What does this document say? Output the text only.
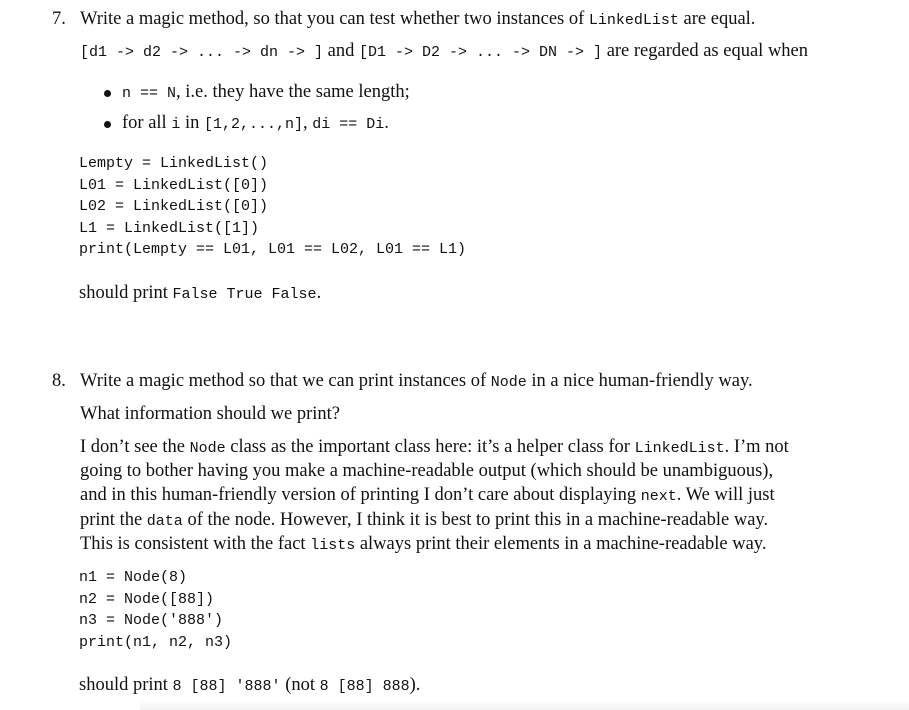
7. Write a magic method, so that you can test whether two instances of LinkedList are equal.
[d1 -> d2 -> ... -> dn -> ] and [D1 -> D2 -> ... -> DN -> ] are regarded as equal when
n == N, i.e. they have the same length;
for all i in [1,2,...,n], di == Di.
Lempty = LinkedList()
L01 = LinkedList([0])
L02 = LinkedList([0])
L1 = LinkedList([1])
print(Lempty == L01, L01 == L02, L01 == L1)
should print False True False.
8. Write a magic method so that we can print instances of Node in a nice human-friendly way.
What information should we print?
I don’t see the Node class as the important class here: it’s a helper class for LinkedList. I’m not
going to bother having you make a machine-readable output (which should be unambiguous),
and in this human-friendly version of printing I don’t care about displaying next. We will just
print the data of the node. However, I think it is best to print this in a machine-readable way.
This is consistent with the fact lists always print their elements in a machine-readable way.
n1 = Node(8)
n2 = Node([88])
n3 = Node('888')
print(n1, n2, n3)
should print 8 [88] '888' (not 8 [88] 888).
